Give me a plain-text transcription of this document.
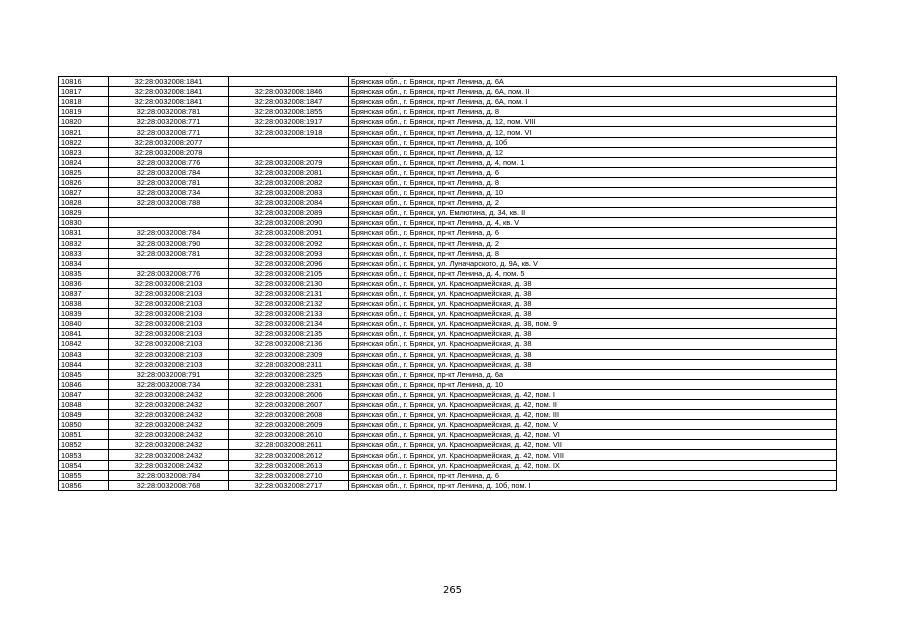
10816	32:28:0032008:1841		Брянская обл., г. Брянск, пр-кт Ленина, д. 6А
10817	32:28:0032008:1841	32:28:0032008:1846	Брянская обл., г. Брянск, пр-кт Ленина, д. 6А, пом. II
10818	32:28:0032008:1841	32:28:0032008:1847	Брянская обл., г. Брянск, пр-кт Ленина, д. 6А, пом. I
10819	32:28:0032008:781	32:28:0032008:1855	Брянская обл., г. Брянск, пр-кт Ленина, д. 8
10820	32:28:0032008:771	32:28:0032008:1917	Брянская обл., г. Брянск, пр-кт Ленина, д. 12, пом. VIII
10821	32:28:0032008:771	32:28:0032008:1918	Брянская обл., г. Брянск, пр-кт Ленина, д. 12, пом. VI
10822	32:28:0032008:2077		Брянская обл., г. Брянск, пр-кт Ленина, д. 10б
10823	32:28:0032008:2078		Брянская обл., г. Брянск, пр-кт Ленина, д. 12
10824	32:28:0032008:776	32:28:0032008:2079	Брянская обл., г. Брянск, пр-кт Ленина, д. 4, пом. 1
10825	32:28:0032008:784	32:28:0032008:2081	Брянская обл., г. Брянск, пр-кт Ленина, д. 6
10826	32:28:0032008:781	32:28:0032008:2082	Брянская обл., г. Брянск, пр-кт Ленина, д. 8
10827	32:28:0032008:734	32:28:0032008:2083	Брянская обл., г. Брянск, пр-кт Ленина, д. 10
10828	32:28:0032008:788	32:28:0032008:2084	Брянская обл., г. Брянск, пр-кт Ленина, д. 2
10829		32:28:0032008:2089	Брянская обл., г. Брянск, ул. Емлютина, д. 34, кв. II
10830		32:28:0032008:2090	Брянская обл., г. Брянск, пр-кт Ленина, д. 4, кв. V
10831	32:28:0032008:784	32:28:0032008:2091	Брянская обл., г. Брянск, пр-кт Ленина, д. 6
10832	32:28:0032008:790	32:28:0032008:2092	Брянская обл., г. Брянск, пр-кт Ленина, д. 2
10833	32:28:0032008:781	32:28:0032008:2093	Брянская обл., г. Брянск, пр-кт Ленина, д. 8
10834		32:28:0032008:2096	Брянская обл., г. Брянск, ул. Луначарского, д. 9А, кв. V
10835	32:28:0032008:776	32:28:0032008:2105	Брянская обл., г. Брянск, пр-кт Ленина, д. 4, пом. 5
10836	32:28:0032008:2103	32:28:0032008:2130	Брянская обл., г. Брянск, ул. Красноармейская, д. 38
10837	32:28:0032008:2103	32:28:0032008:2131	Брянская обл., г. Брянск, ул. Красноармейская, д. 38
10838	32:28:0032008:2103	32:28:0032008:2132	Брянская обл., г. Брянск, ул. Красноармейская, д. 38
10839	32:28:0032008:2103	32:28:0032008:2133	Брянская обл., г. Брянск, ул. Красноармейская, д. 38
10840	32:28:0032008:2103	32:28:0032008:2134	Брянская обл., г. Брянск, ул. Красноармейская, д. 38, пом. 9
10841	32:28:0032008:2103	32:28:0032008:2135	Брянская обл., г. Брянск, ул. Красноармейская, д. 38
10842	32:28:0032008:2103	32:28:0032008:2136	Брянская обл., г. Брянск, ул. Красноармейская, д. 38
10843	32:28:0032008:2103	32:28:0032008:2309	Брянская обл., г. Брянск, ул. Красноармейская, д. 38
10844	32:28:0032008:2103	32:28:0032008:2311	Брянская обл., г. Брянск, ул. Красноармейская, д. 38
10845	32:28:0032008:791	32:28:0032008:2325	Брянская обл., г. Брянск, пр-кт Ленина, д. 6а
10846	32:28:0032008:734	32:28:0032008:2331	Брянская обл., г. Брянск, пр-кт Ленина, д. 10
10847	32:28:0032008:2432	32:28:0032008:2606	Брянская обл., г. Брянск, ул. Красноармейская, д. 42, пом. I
10848	32:28:0032008:2432	32:28:0032008:2607	Брянская обл., г. Брянск, ул. Красноармейская, д. 42, пом. II
10849	32:28:0032008:2432	32:28:0032008:2608	Брянская обл., г. Брянск, ул. Красноармейская, д. 42, пом. III
10850	32:28:0032008:2432	32:28:0032008:2609	Брянская обл., г. Брянск, ул. Красноармейская, д. 42, пом. V
10851	32:28:0032008:2432	32:28:0032008:2610	Брянская обл., г. Брянск, ул. Красноармейская, д. 42, пом. VI
10852	32:28:0032008:2432	32:28:0032008:2611	Брянская обл., г. Брянск, ул. Красноармейская, д. 42, пом. VII
10853	32:28:0032008:2432	32:28:0032008:2612	Брянская обл., г. Брянск, ул. Красноармейская, д. 42, пом. VIII
10854	32:28:0032008:2432	32:28:0032008:2613	Брянская обл., г. Брянск, ул. Красноармейская, д. 42, пом. IX
10855	32:28:0032008:784	32:28:0032008:2710	Брянская обл., г. Брянск, пр-кт Ленина, д. 6
10856	32:28:0032008:768	32:28:0032008:2717	Брянская обл., г. Брянск, пр-кт Ленина, д. 10б, пом. I
265
